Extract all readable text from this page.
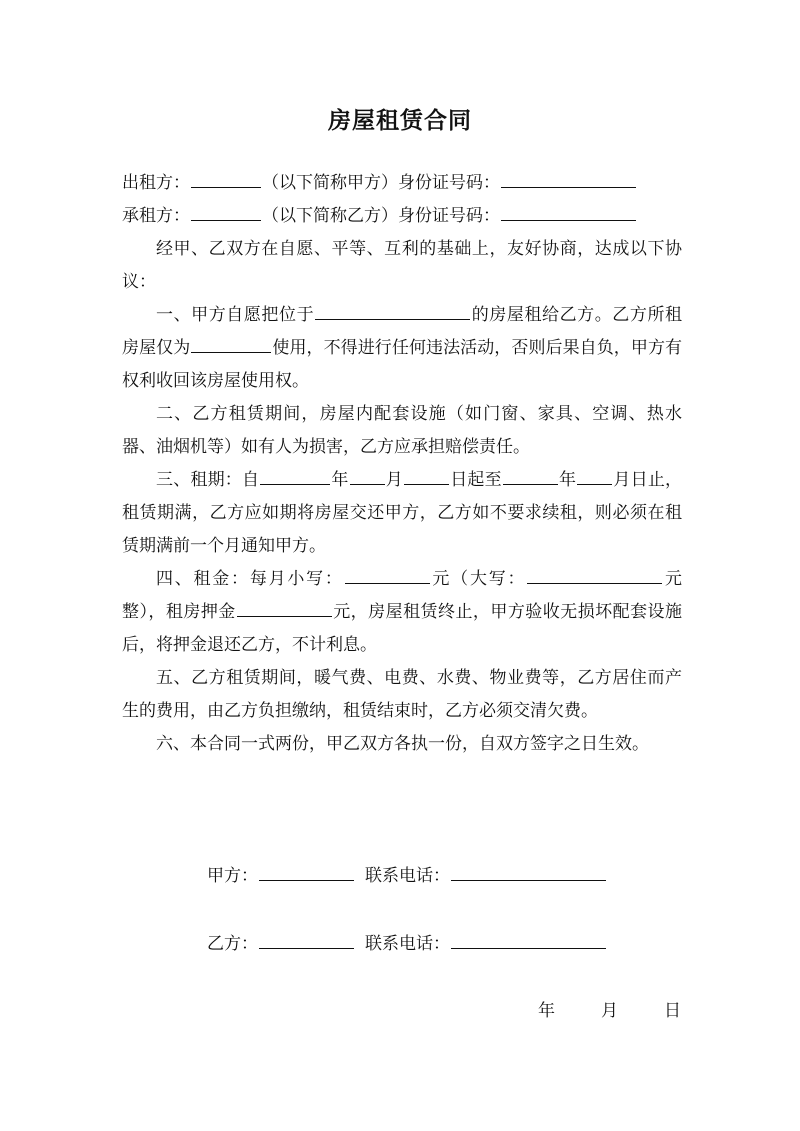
房屋租赁合同
出租方：	（以下简称甲方）身份证号码：
承租方：	（以下简称乙方）身份证号码：
经甲、乙双方在自愿、平等、互利的基础上，友好协商，达成以下协议：
一、甲方自愿把位于	的房屋租给乙方。乙方所租房屋仅为	使用，不得进行任何违法活动，否则后果自负，甲方有权利收回该房屋使用权。
二、乙方租赁期间，房屋内配套设施（如门窗、家具、空调、热水器、油烟机等）如有人为损害，乙方应承担赔偿责任。
三、租期：自	年 月	日起至	年 月日止，租赁期满，乙方应如期将房屋交还甲方，乙方如不要求续租，则必须在租赁期满前一个月通知甲方。
四、租金：每月小写：	元（大写：	元整），租房押金	元，房屋租赁终止，甲方验收无损坏配套设施后，将押金退还乙方，不计利息。
五、乙方租赁期间，暖气费、电费、水费、物业费等，乙方居住而产生的费用，由乙方负担缴纳，租赁结束时，乙方必须交清欠费。
六、本合同一式两份，甲乙双方各执一份，自双方签字之日生效。
甲方：	联系电话：
乙方：	联系电话：
年	月	日
